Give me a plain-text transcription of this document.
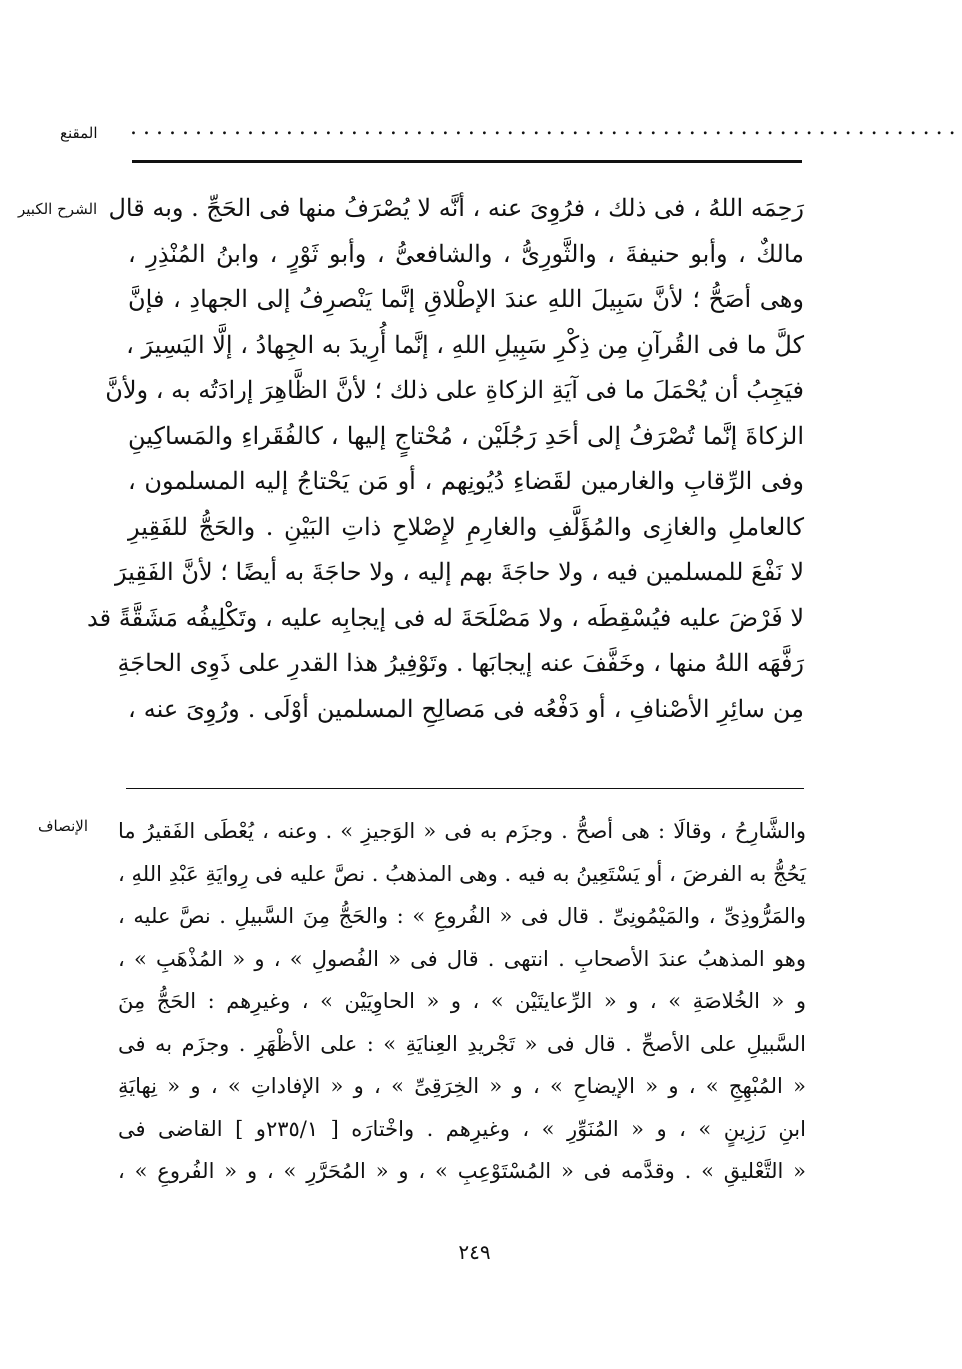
المقنع ................................................................
الشرح الكبير رَحِمَه اللهُ ، فى ذلك ، فرُوِىَ عنه ، أنَّه لا يُصْرَفُ منها فى الحَجِّ . وبه قال
مالكٌ ، وأبو حنيفةَ ، والثَّورِىُّ ، والشافعىُّ ، وأبو ثَوْرٍ ، وابنُ المُنْذِرِ ،
وهى أصَحُّ ؛ لأنَّ سَبِيلَ اللهِ عندَ الإطْلاقِ إنَّما يَنْصرِفُ إلى الجهادِ ، فإنَّ
كلَّ ما فى القُرآنِ مِن ذِكْرِ سَبِيلِ اللهِ ، إنَّما أُرِيدَ به الجِهادُ ، إلَّا اليَسِيرَ ،
فيَجِبُ أن يُحْمَلَ ما فى آيَةِ الزكاةِ على ذلك ؛ لأنَّ الظَّاهِرَ إرادَتُه به ، ولأنَّ
الزكاةَ إنَّما تُصْرَفُ إلى أحَدِ رَجُلَيْن ، مُحْتاجٍ إليها ، كالفُقَراءِ والمَساكِينِ
وفى الرِّقابِ والغارمين لقَضاءِ دُيُونِهم ، أو مَن يَحْتاجُ إليه المسلمون ،
كالعاملِ والغازِى والمُؤَلَّفِ والغارِمِ لإِصْلاحِ ذاتِ البَيْنِ . والحَجُّ للفَقِيرِ
لا نَفْعَ للمسلمين فيه ، ولا حاجَةَ بهم إليه ، ولا حاجَةَ به أيضًا ؛ لأنَّ الفَقِيرَ
لا فَرْضَ عليه فيُسْقِطَه ، ولا مَصْلَحَةَ له فى إيجابِه عليه ، وتَكْلِيفُه مَشَقَّةً قد
رَفَّهَه اللهُ منها ، وخَفَّفَ عنه إيجابَها . وتَوْفِيرُ هذا القدرِ على ذَوِى الحاجَةِ
مِن سائِرِ الأصْنافِ ، أو دَفْعُه فى مَصالِحِ المسلمين أوْلَى . ورُوِىَ عنه ،
الإنصاف والشَّارِحُ ، وقالَا : هى أصحُّ . وجزَم به فى « الوَجيزِ » . وعنه ، يُعْطَى الفَقيرُ ما
يَحُجُّ به الفرضَ ، أو يَسْتَعِينُ به فيه . وهى المذهبُ . نصَّ عليه فى رِوايَةِ عَبْدِ اللهِ ،
والمَرُّوذِىِّ ، والمَيْمُونِىِّ . قال فى « الفُروعِ » : والحَجُّ مِنَ السَّبيلِ . نصَّ عليه ،
وهو المذهبُ عندَ الأصحابِ . انتهى . قال فى « الفُصولِ » ، و « المُذْهَبِ » ،
و « الخُلاصَةِ » ، و « الرِّعايتَيْن » ، و « الحاوِيَيْن » ، وغيرِهم : الحَجُّ مِنَ
السَّبيلِ على الأصحِّ . قال فى « تَجْريدِ العِنايَةِ » : على الأظْهَرِ . وجزَم به فى
« المُبْهِجِ » ، و « الإيضاحِ » ، و « الخِرَقِىِّ » ، و « الإفاداتِ » ، و « نِهايَةِ
ابنِ رَزِينٍ » ، و « المُنَوِّرِ » ، وغيرِهم . واخْتارَه [ ٢٣٥/١و ] القاضى فى
« التَّعْليقِ » . وقدَّمه فى « المُسْتَوْعِبِ » ، و « المُحَرَّرِ » ، و « الفُروعِ » ،
٢٤٩
